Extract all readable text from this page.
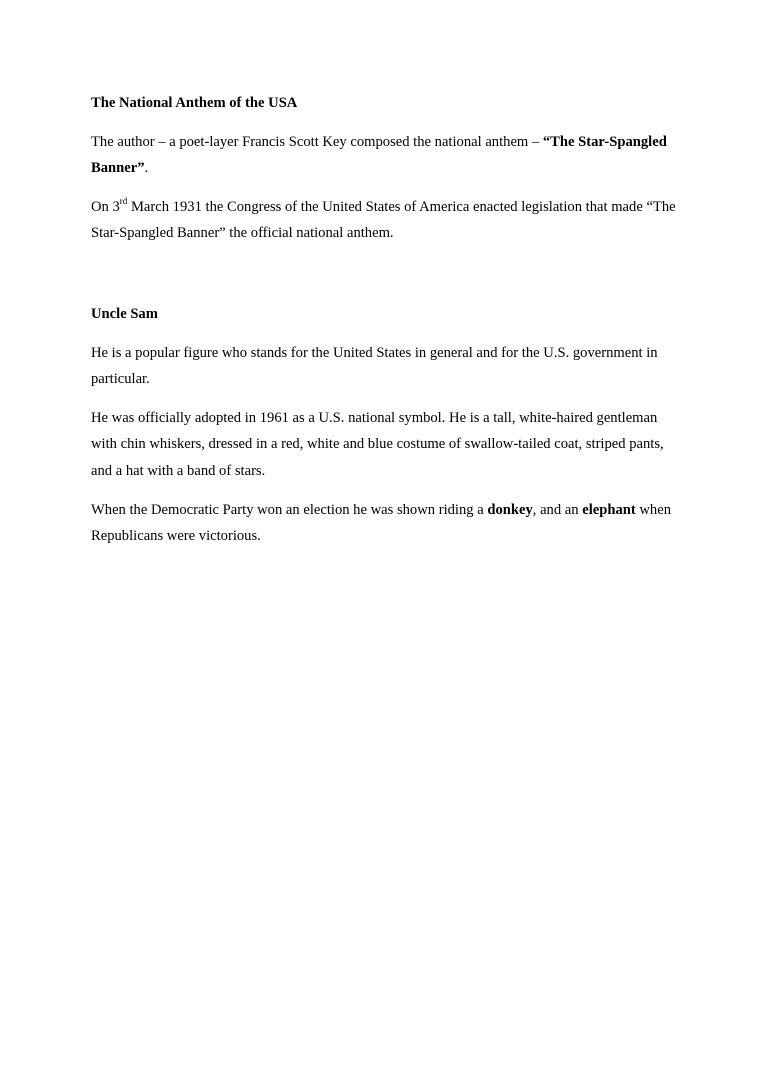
The National Anthem of the USA

The author – a poet-layer Francis Scott Key composed the national anthem – “The Star-Spangled Banner”.

On 3rd March 1931 the Congress of the United States of America enacted legislation that made “The Star-Spangled Banner” the official national anthem.

Uncle Sam

He is a popular figure who stands for the United States in general and for the U.S. government in particular.

He was officially adopted in 1961 as a U.S. national symbol. He is a tall, white-haired gentleman with chin whiskers, dressed in a red, white and blue costume of swallow-tailed coat, striped pants, and a hat with a band of stars.

When the Democratic Party won an election he was shown riding a donkey, and an elephant when Republicans were victorious.
